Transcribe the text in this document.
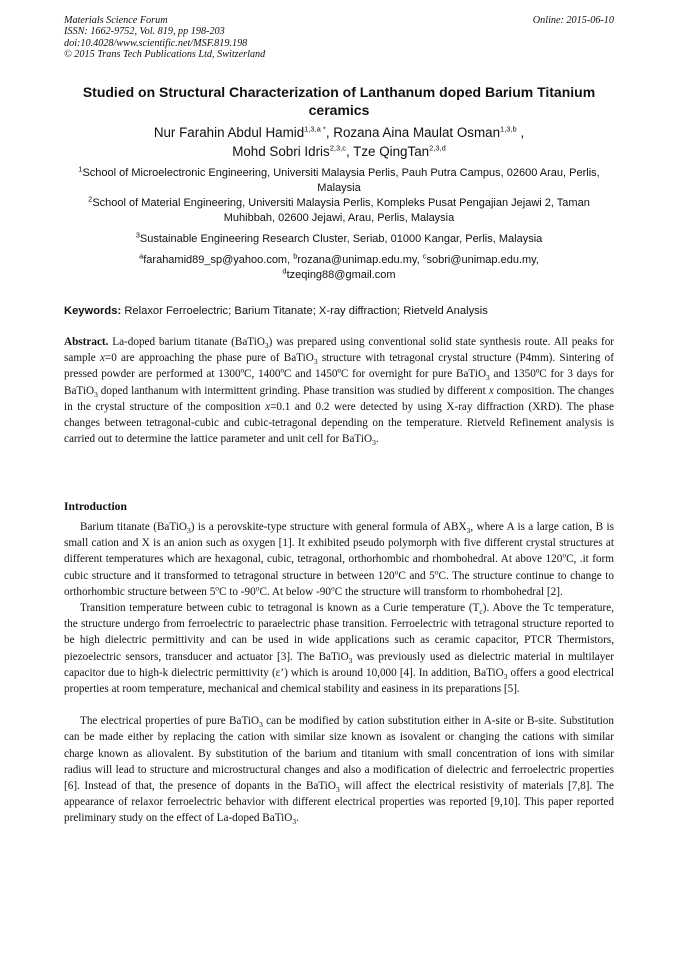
Materials Science Forum
ISSN: 1662-9752, Vol. 819, pp 198-203
doi:10.4028/www.scientific.net/MSF.819.198
© 2015 Trans Tech Publications Ltd, Switzerland
Online: 2015-06-10
Studied on Structural Characterization of Lanthanum doped Barium Titanium ceramics
Nur Farahin Abdul Hamid$^{1,3,a *}$, Rozana Aina Maulat Osman$^{1,3,b}$ ,
Mohd Sobri Idris$^{2,3,c}$, Tze QingTan$^{2,3,d}$
$^1$School of Microelectronic Engineering, Universiti Malaysia Perlis, Pauh Putra Campus, 02600 Arau, Perlis, Malaysia
$^2$School of Material Engineering, Universiti Malaysia Perlis, Kompleks Pusat Pengajian Jejawi 2, Taman Muhibbah, 02600 Jejawi, Arau, Perlis, Malaysia
$^3$Sustainable Engineering Research Cluster, Seriab, 01000 Kangar, Perlis, Malaysia
$^a$farahamid89_sp@yahoo.com, $^b$rozana@unimap.edu.my, $^c$sobri@unimap.edu.my,
$^d$tzeqing88@gmail.com
Keywords: Relaxor Ferroelectric; Barium Titanate; X-ray diffraction; Rietveld Analysis
Abstract. La-doped barium titanate (BaTiO$_3$) was prepared using conventional solid state synthesis route. All peaks for sample x=0 are approaching the phase pure of BaTiO$_3$ structure with tetragonal crystal structure (P4mm). Sintering of pressed powder are performed at 1300ºC, 1400ºC and 1450ºC for overnight for pure BaTiO$_3$ and 1350ºC for 3 days for BaTiO$_3$ doped lanthanum with intermittent grinding. Phase transition was studied by different x composition. The changes in the crystal structure of the composition x=0.1 and 0.2 were detected by using X-ray diffraction (XRD). The phase changes between tetragonal-cubic and cubic-tetragonal depending on the temperature. Rietveld Refinement analysis is carried out to determine the lattice parameter and unit cell for BaTiO$_3$.
Introduction

Barium titanate (BaTiO$_3$) is a perovskite-type structure with general formula of $ABX_3$, where A is a large cation, B is small cation and X is an anion such as oxygen [1]. It exhibited pseudo polymorph with five different crystal structures at different temperatures which are hexagonal, cubic, tetragonal, orthorhombic and rhombohedral. At above 120$^o$C, .it form cubic structure and it transformed to tetragonal structure in between 120$^o$C and 5$^o$C. The structure continue to change to orthorhombic structure between 5$^o$C to -90$^o$C. At below -90$^o$C the structure will transform to rhombohedral [2].

Transition temperature between cubic to tetragonal is known as a Curie temperature $(T_c)$. Above the Tc temperature, the structure undergo from ferroelectric to paraelectric phase transition. Ferroelectric with tetragonal structure reported to be high dielectric permittivity and can be used in wide applications such as ceramic capacitor, PTCR Thermistors, piezoelectric sensors, transducer and actuator [3]. The BaTiO$_3$ was previously used as dielectric material in multilayer capacitor due to high-k dielectric permittivity (ε’) which is around 10,000 [4]. In addition, BaTiO$_3$ offers a good electrical properties at room temperature, mechanical and chemical stability and easiness in its preparations [5].

The electrical properties of pure BaTiO$_3$ can be modified by cation substitution either in A-site or B-site. Substitution can be made either by replacing the cation with similar size known as isovalent or changing the cations with similar charge known as aliovalent. By substitution of the barium and titanium with small concentration of ions with similar radius will lead to structure and microstructural changes and also a modification of dielectric and ferroelectric properties [6]. Instead of that, the presence of dopants in the BaTiO$_3$ will affect the electrical resistivity of materials [7,8]. The appearance of relaxor ferroelectric behavior with different electrical properties was reported [9,10]. This paper reported preliminary study on the effect of La-doped BaTiO$_3$.
